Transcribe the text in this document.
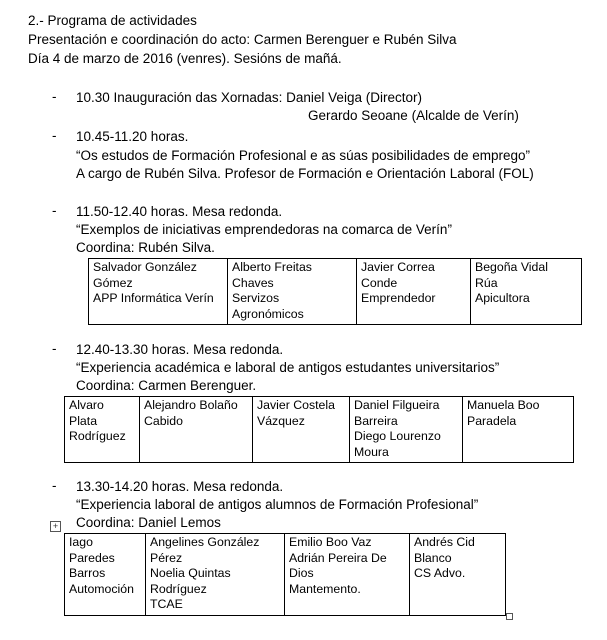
2.- Programa de actividades
Presentación e coordinación do acto: Carmen Berenguer e Rubén Silva
Día 4 de marzo de 2016 (venres). Sesións de mañá.
- 10.30 Inauguración das Xornadas: Daniel Veiga (Director)
Gerardo Seoane (Alcalde de Verín)
- 10.45-11.20 horas.
“Os estudos de Formación Profesional e as súas posibilidades de emprego”
A cargo de Rubén Silva. Profesor de Formación e Orientación Laboral (FOL)
- 11.50-12.40 horas. Mesa redonda.
“Exemplos de iniciativas emprendedoras na comarca de Verín”
Coordina: Rubén Silva.
Salvador González
Gómez
APP Informática Verín

Alberto Freitas
Chaves
Servizos
Agronómicos

Javier Correa
Conde
Emprendedor

Begoña Vidal
Rúa
Apicultora
- 12.40-13.30 horas. Mesa redonda.
“Experiencia académica e laboral de antigos estudantes universitarios”
Coordina: Carmen Berenguer.
Alvaro
Plata
Rodríguez

Alejandro Bolaño
Cabido

Javier Costela
Vázquez

Daniel Filgueira
Barreira
Diego Lourenzo
Moura

Manuela Boo
Paradela
- 13.30-14.20 horas. Mesa redonda.
“Experiencia laboral de antigos alumnos de Formación Profesional”
Coordina: Daniel Lemos
+
Iago
Paredes
Barros
Automoción

Angelines González
Pérez
Noelia Quintas
Rodríguez
TCAE

Emilio Boo Vaz
Adrián Pereira De
Dios
Mantemento.

Andrés Cid
Blanco
CS Advo.
